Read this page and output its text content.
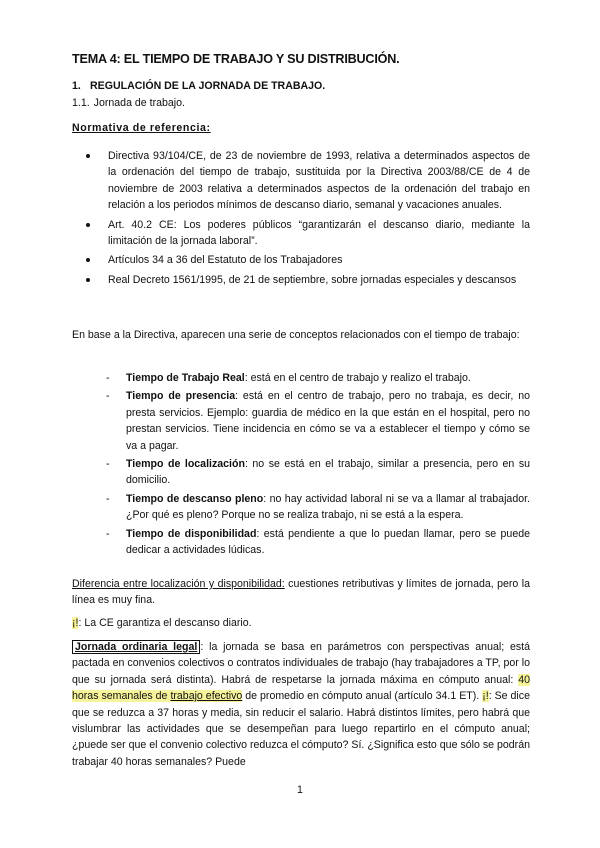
TEMA 4: EL TIEMPO DE TRABAJO Y SU DISTRIBUCIÓN.
1. REGULACIÓN DE LA JORNADA DE TRABAJO.
1.1. Jornada de trabajo.
Normativa de referencia:
Directiva 93/104/CE, de 23 de noviembre de 1993, relativa a determinados aspectos de la ordenación del tiempo de trabajo, sustituida por la Directiva 2003/88/CE de 4 de noviembre de 2003 relativa a determinados aspectos de la ordenación del trabajo en relación a los periodos mínimos de descanso diario, semanal y vacaciones anuales.
Art. 40.2 CE: Los poderes públicos “garantizarán el descanso diario, mediante la limitación de la jornada laboral”.
Artículos 34 a 36 del Estatuto de los Trabajadores
Real Decreto 1561/1995, de 21 de septiembre, sobre jornadas especiales y descansos

En base a la Directiva, aparecen una serie de conceptos relacionados con el tiempo de trabajo:

- Tiempo de Trabajo Real: está en el centro de trabajo y realizo el trabajo.
- Tiempo de presencia: está en el centro de trabajo, pero no trabaja, es decir, no presta servicios. Ejemplo: guardia de médico en la que están en el hospital, pero no prestan servicios. Tiene incidencia en cómo se va a establecer el tiempo y cómo se va a pagar.
- Tiempo de localización: no se está en el trabajo, similar a presencia, pero en su domicilio.
- Tiempo de descanso pleno: no hay actividad laboral ni se va a llamar al trabajador. ¿Por qué es pleno? Porque no se realiza trabajo, ni se está a la espera.
- Tiempo de disponibilidad: está pendiente a que lo puedan llamar, pero se puede dedicar a actividades lúdicas.

Diferencia entre localización y disponibilidad: cuestiones retributivas y límites de jornada, pero la línea es muy fina.

¡!: La CE garantiza el descanso diario.

Jornada ordinaria legal : la jornada se basa en parámetros con perspectivas anual; está pactada en convenios colectivos o contratos individuales de trabajo (hay trabajadores a TP, por lo que su jornada será distinta). Habrá de respetarse la jornada máxima en cómputo anual: 40 horas semanales de trabajo efectivo de promedio en cómputo anual (artículo 34.1 ET). ¡!: Se dice que se reduzca a 37 horas y media, sin reducir el salario. Habrá distintos límites, pero habrá que vislumbrar las actividades que se desempeñan para luego repartirlo en el cómputo anual; ¿puede ser que el convenio colectivo reduzca el cómputo? Sí. ¿Significa esto que sólo se podrán trabajar 40 horas semanales? Puede

1
